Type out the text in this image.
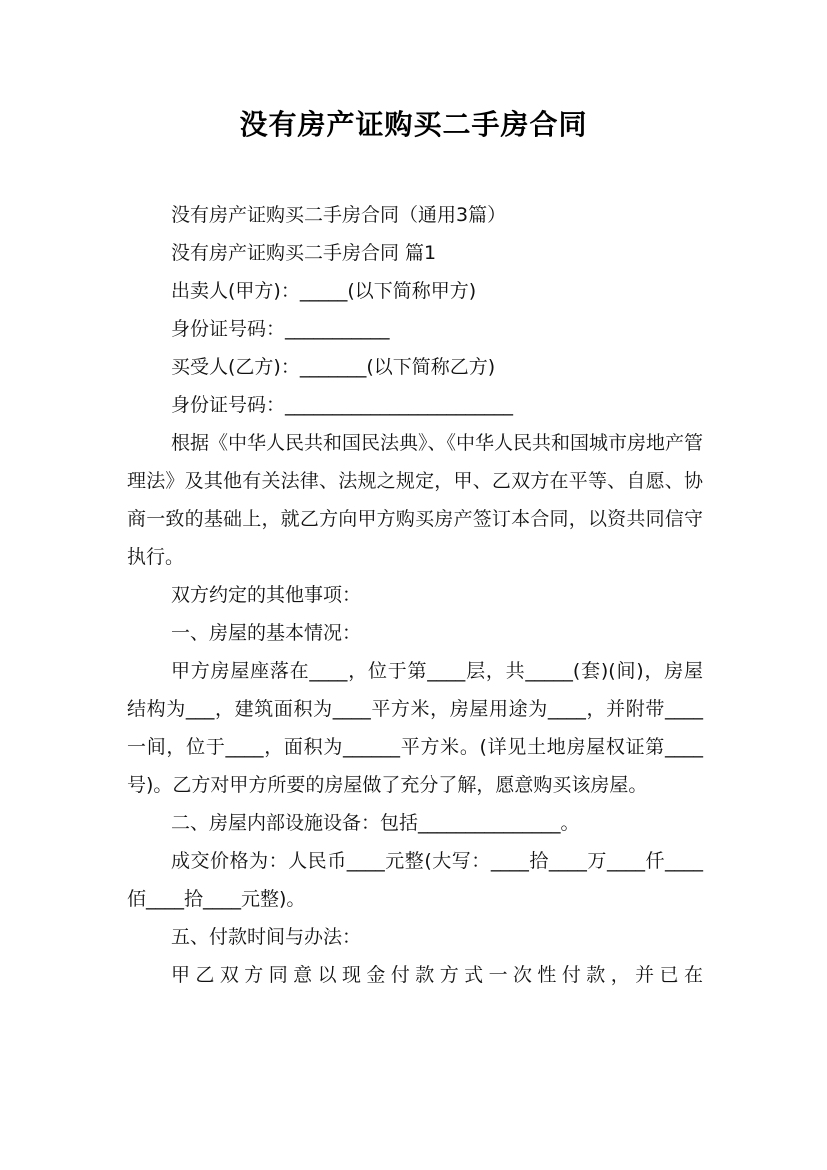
没有房产证购买二手房合同

没有房产证购买二手房合同（通用3篇）

没有房产证购买二手房合同 篇1

出卖人(甲方)：_____(以下简称甲方)

身份证号码：___________

买受人(乙方)：_______(以下简称乙方)

身份证号码：________________________

根据《中华人民共和国民法典》、《中华人民共和国城市房地产管理法》及其他有关法律、法规之规定，甲、乙双方在平等、自愿、协商一致的基础上，就乙方向甲方购买房产签订本合同，以资共同信守执行。

双方约定的其他事项：

一、房屋的基本情况：

甲方房屋座落在____，位于第____层，共_____(套)(间)，房屋结构为___，建筑面积为____平方米，房屋用途为____，并附带____一间，位于____，面积为______平方米。(详见土地房屋权证第____号)。乙方对甲方所要的房屋做了充分了解，愿意购买该房屋。

二、房屋内部设施设备：包括_______________。

成交价格为：人民币____元整(大写：____拾____万____仟____佰____拾____元整)。

五、付款时间与办法：

甲乙双方同意以现金付款方式一次性付款，并已在
